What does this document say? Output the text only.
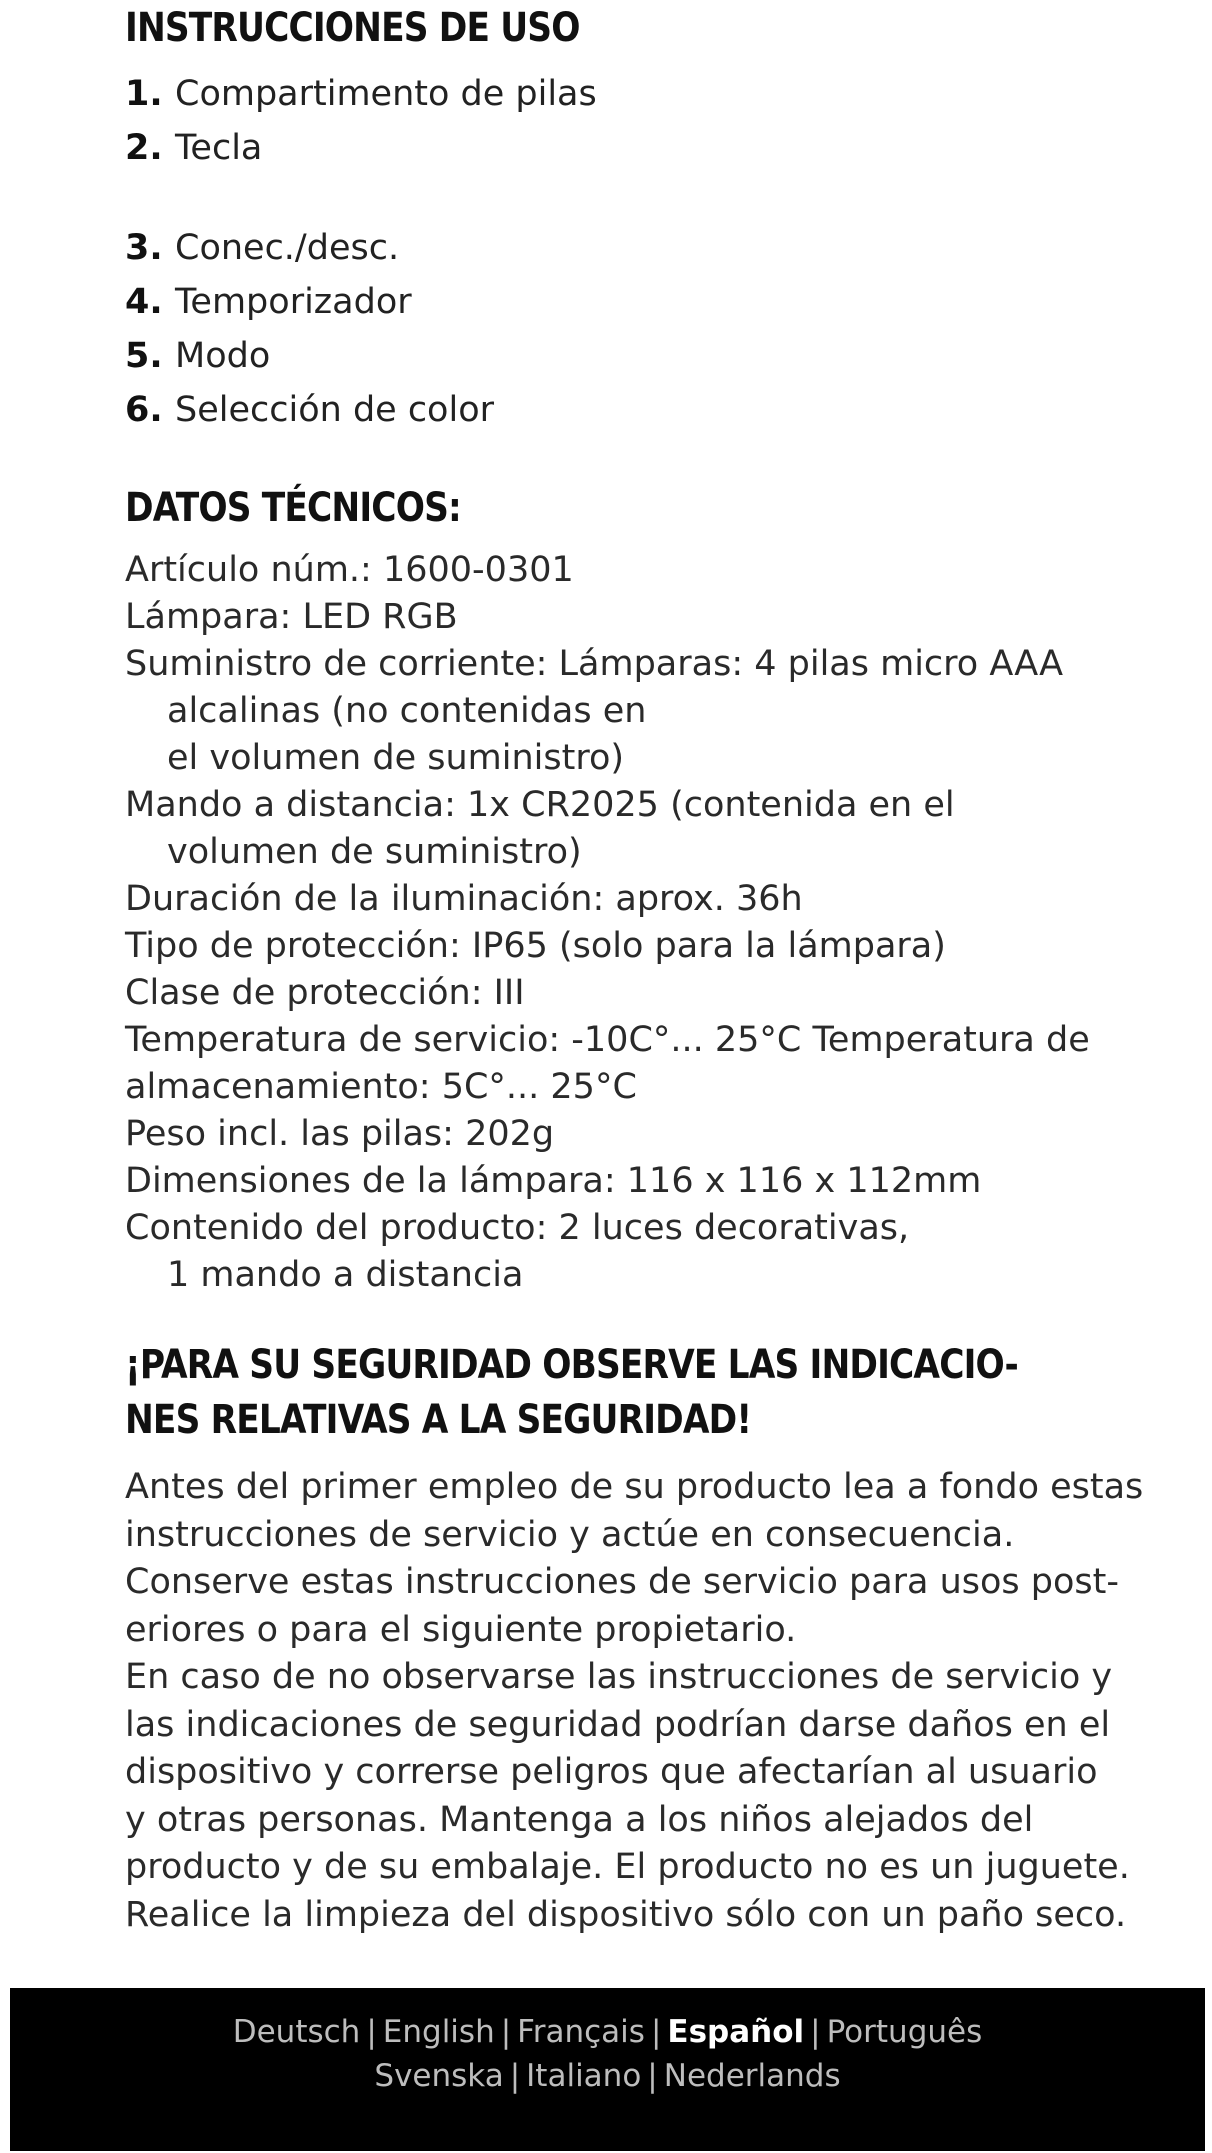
INSTRUCCIONES DE USO
1. Compartimento de pilas
2. Tecla
3. Conec./desc.
4. Temporizador
5. Modo
6. Selección de color
DATOS TÉCNICOS:
Artículo núm.: 1600-0301
Lámpara: LED RGB
Suministro de corriente: Lámparas: 4 pilas micro AAA
alcalinas (no contenidas en
el volumen de suministro)
Mando a distancia: 1x CR2025 (contenida en el
volumen de suministro)
Duración de la iluminación: aprox. 36h
Tipo de protección: IP65 (solo para la lámpara)
Clase de protección: III
Temperatura de servicio: -10C°... 25°C Temperatura de
almacenamiento: 5C°... 25°C
Peso incl. las pilas: 202g
Dimensiones de la lámpara: 116 x 116 x 112mm
Contenido del producto: 2 luces decorativas,
1 mando a distancia
¡PARA SU SEGURIDAD OBSERVE LAS INDICACIO-
NES RELATIVAS A LA SEGURIDAD!

Antes del primer empleo de su producto lea a fondo estas

instrucciones de servicio y actúe en consecuencia.

Conserve estas instrucciones de servicio para usos post-

eriores o para el siguiente propietario.

En caso de no observarse las instrucciones de servicio y

las indicaciones de seguridad podrían darse daños en el

dispositivo y correrse peligros que afectarían al usuario

y otras personas. Mantenga a los niños alejados del

producto y de su embalaje. El producto no es un juguete.

Realice la limpieza del dispositivo sólo con un paño seco.

Deutsch | English | Français | Español | Português
Svenska | Italiano | Nederlands
